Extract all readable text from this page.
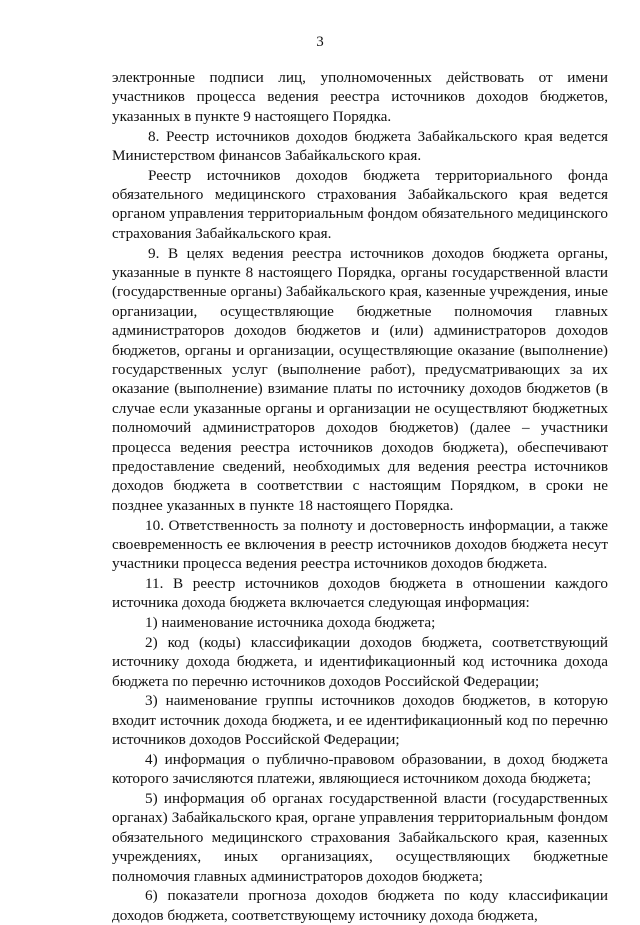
3

электронные подписи лиц, уполномоченных действовать от имени участников процесса ведения реестра источников доходов бюджетов, указанных в пункте 9 настоящего Порядка.

8. Реестр источников доходов бюджета Забайкальского края ведется Министерством финансов Забайкальского края.

Реестр источников доходов бюджета территориального фонда обязательного медицинского страхования Забайкальского края ведется органом управления территориальным фондом обязательного медицинского страхования Забайкальского края.

9. В целях ведения реестра источников доходов бюджета органы, указанные в пункте 8 настоящего Порядка, органы государственной власти (государственные органы) Забайкальского края, казенные учреждения, иные организации, осуществляющие бюджетные полномочия главных администраторов доходов бюджетов и (или) администраторов доходов бюджетов, органы и организации, осуществляющие оказание (выполнение) государственных услуг (выполнение работ), предусматривающих за их оказание (выполнение) взимание платы по источнику доходов бюджетов (в случае если указанные органы и организации не осуществляют бюджетных полномочий администраторов доходов бюджетов) (далее – участники процесса ведения реестра источников доходов бюджета), обеспечивают предоставление сведений, необходимых для ведения реестра источников доходов бюджета в соответствии с настоящим Порядком, в сроки не позднее указанных в пункте 18 настоящего Порядка.

10. Ответственность за полноту и достоверность информации, а также своевременность ее включения в реестр источников доходов бюджета несут участники процесса ведения реестра источников доходов бюджета.

11. В реестр источников доходов бюджета в отношении каждого источника дохода бюджета включается следующая информация:

1) наименование источника дохода бюджета;

2) код (коды) классификации доходов бюджета, соответствующий источнику дохода бюджета, и идентификационный код источника дохода бюджета по перечню источников доходов Российской Федерации;

3) наименование группы источников доходов бюджетов, в которую входит источник дохода бюджета, и ее идентификационный код по перечню источников доходов Российской Федерации;

4) информация о публично-правовом образовании, в доход бюджета которого зачисляются платежи, являющиеся источником дохода бюджета;

5) информация об органах государственной власти (государственных органах) Забайкальского края, органе управления территориальным фондом обязательного медицинского страхования Забайкальского края, казенных учреждениях, иных организациях, осуществляющих бюджетные полномочия главных администраторов доходов бюджета;

6) показатели прогноза доходов бюджета по коду классификации доходов бюджета, соответствующему источнику дохода бюджета,
